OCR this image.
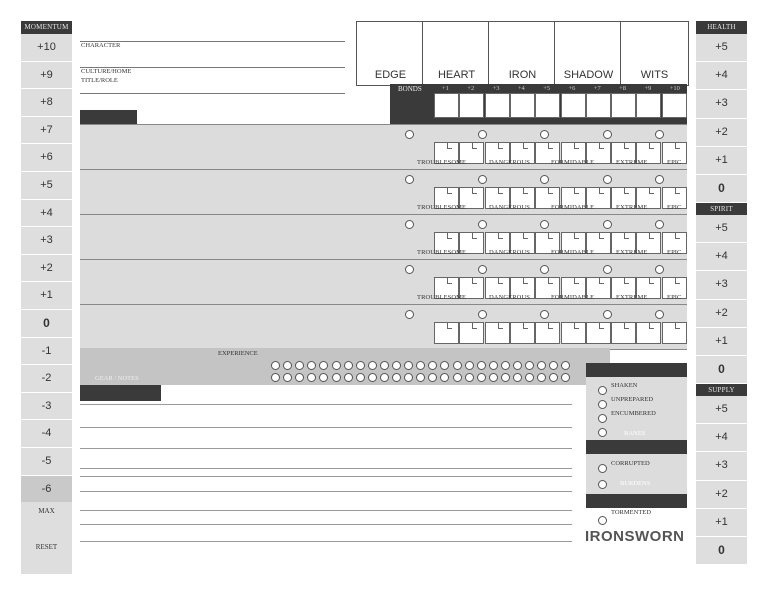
MOMENTUM
+10
+9
+8
+7
+6
+5
+4
+3
+2
+1
0
-1
-2
-3
-4
-5
-6
MAX
RESET
HEALTH
+5
+4
+3
+2
+1
0
SPIRIT
+5
+4
+3
+2
+1
0
SUPPLY
+5
+4
+3
+2
+1
0
CHARACTER
CULTURE/HOME
TITLE/ROLE	EDGE	HEART	IRON	SHADOW	WITS
BONDS	+1	+2	+3	+4	+5	+6	+7	+8	+9	+10
TROUBLESOME	DANGEROUS	FORMIDABLE	EXTREME	EPIC
TROUBLESOME	DANGEROUS	FORMIDABLE	EXTREME	EPIC
TROUBLESOME	DANGEROUS	FORMIDABLE	EXTREME	EPIC
TROUBLESOME	DANGEROUS	FORMIDABLE	EXTREME	EPIC
EXPERIENCE
GEAR / NOTES
SHAKEN
UNPREPARED
ENCUMBERED
BANES
CORRUPTED
BURDENS
TORMENTED
IRONSWORN
